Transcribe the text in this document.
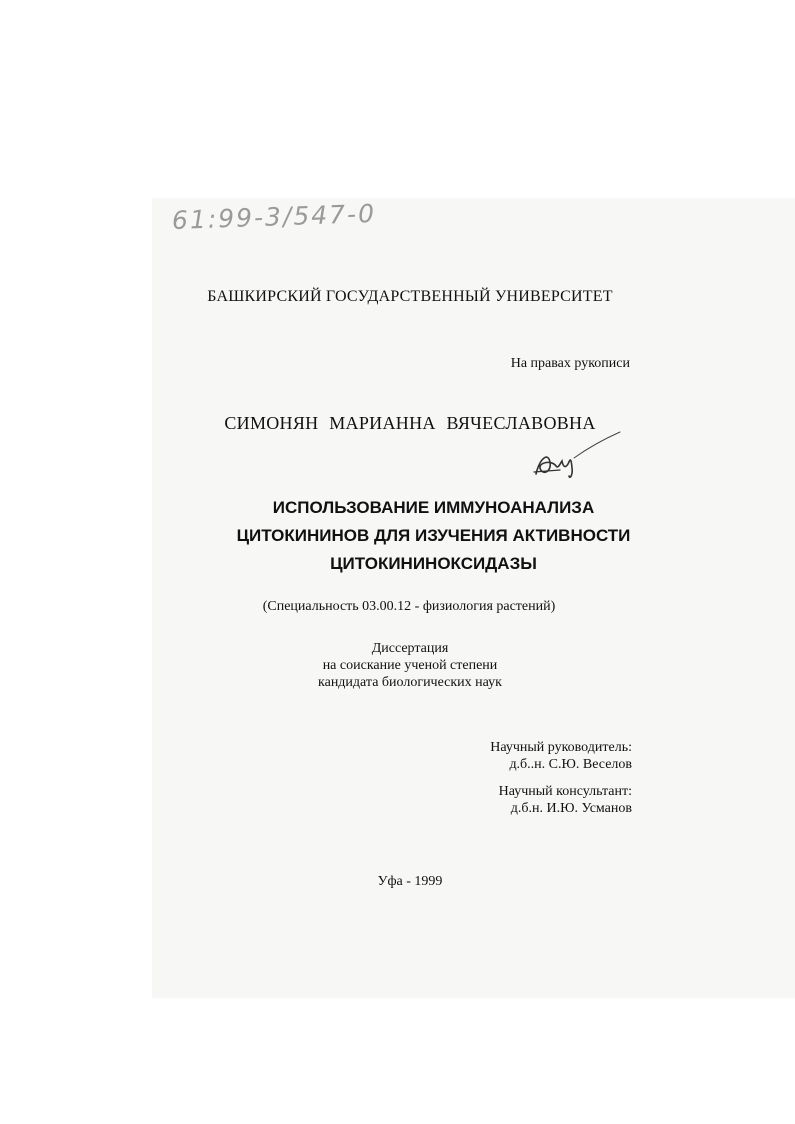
61:99-3/547-0
БАШКИРСКИЙ ГОСУДАРСТВЕННЫЙ УНИВЕРСИТЕТ
На правах рукописи
СИМОНЯН МАРИАННА ВЯЧЕСЛАВОВНА
ИСПОЛЬЗОВАНИЕ ИММУНОАНАЛИЗА
ЦИТОКИНИНОВ ДЛЯ ИЗУЧЕНИЯ АКТИВНОСТИ
ЦИТОКИНИНОКСИДАЗЫ
(Специальность 03.00.12 - физиология растений)
Диссертация
на соискание ученой степени
кандидата биологических наук
Научный руководитель:
д.б..н. С.Ю. Веселов
Научный консультант:
д.б.н. И.Ю. Усманов
Уфа - 1999
